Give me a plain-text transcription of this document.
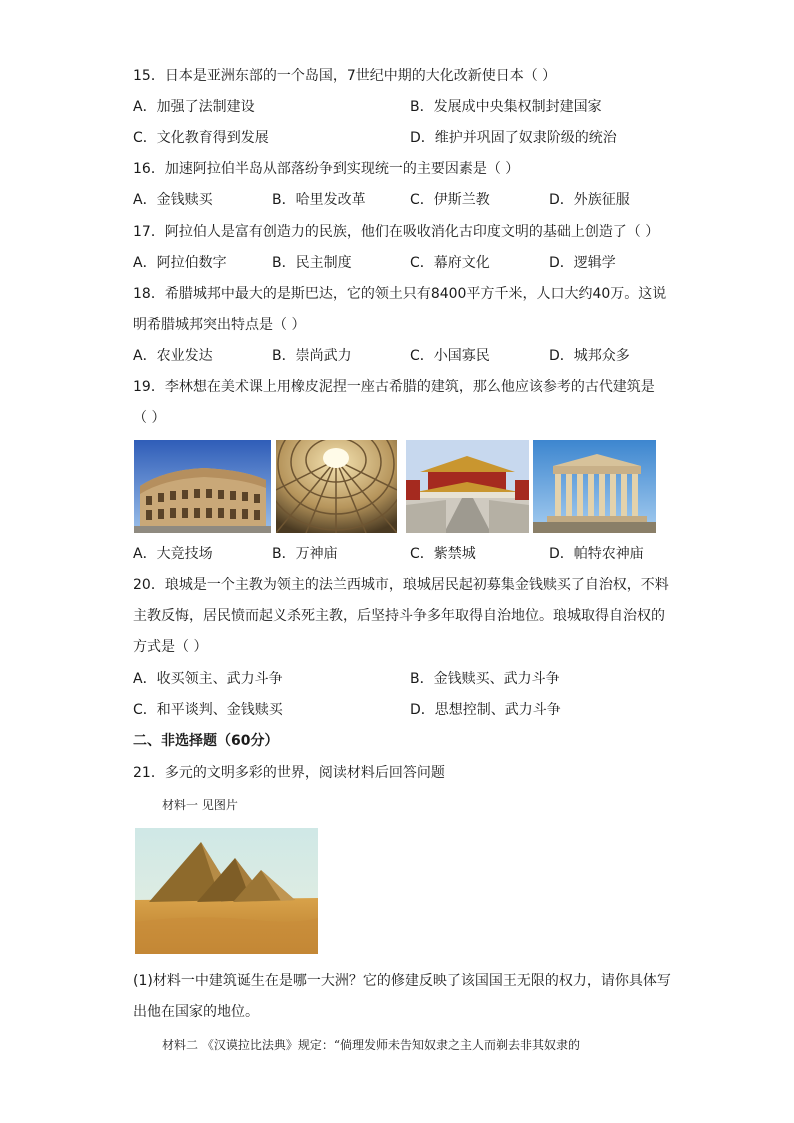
15．日本是亚洲东部的一个岛国，7世纪中期的大化改新使日本（ ）
A．加强了法制建设	B．发展成中央集权制封建国家
C．文化教育得到发展	D．维护并巩固了奴隶阶级的统治
16．加速阿拉伯半岛从部落纷争到实现统一的主要因素是（ ）
A．金钱赎买	B．哈里发改革	C．伊斯兰教	D．外族征服
17．阿拉伯人是富有创造力的民族，他们在吸收消化古印度文明的基础上创造了（ ）
A．阿拉伯数字	B．民主制度	C．幕府文化	D．逻辑学
18．希腊城邦中最大的是斯巴达，它的领土只有8400平方千米，人口大约40万。这说
明希腊城邦突出特点是（ ）
A．农业发达	B．崇尚武力	C．小国寡民	D．城邦众多
19．李林想在美术课上用橡皮泥捏一座古希腊的建筑，那么他应该参考的古代建筑是
（ ）
A．大竞技场	B．万神庙	C．紫禁城	D．帕特农神庙
20．琅城是一个主教为领主的法兰西城市，琅城居民起初募集金钱赎买了自治权，不料
主教反悔，居民愤而起义杀死主教，后坚持斗争多年取得自治地位。琅城取得自治权的
方式是（ ）
A．收买领主、武力斗争	B．金钱赎买、武力斗争
C．和平谈判、金钱赎买	D．思想控制、武力斗争
二、非选择题（60分）
21．多元的文明多彩的世界，阅读材料后回答问题
材料一 见图片
(1)材料一中建筑诞生在是哪一大洲？它的修建反映了该国国王无限的权力，请你具体写
出他在国家的地位。
材料二 《汉谟拉比法典》规定：“倘理发师未告知奴隶之主人而剃去非其奴隶的
